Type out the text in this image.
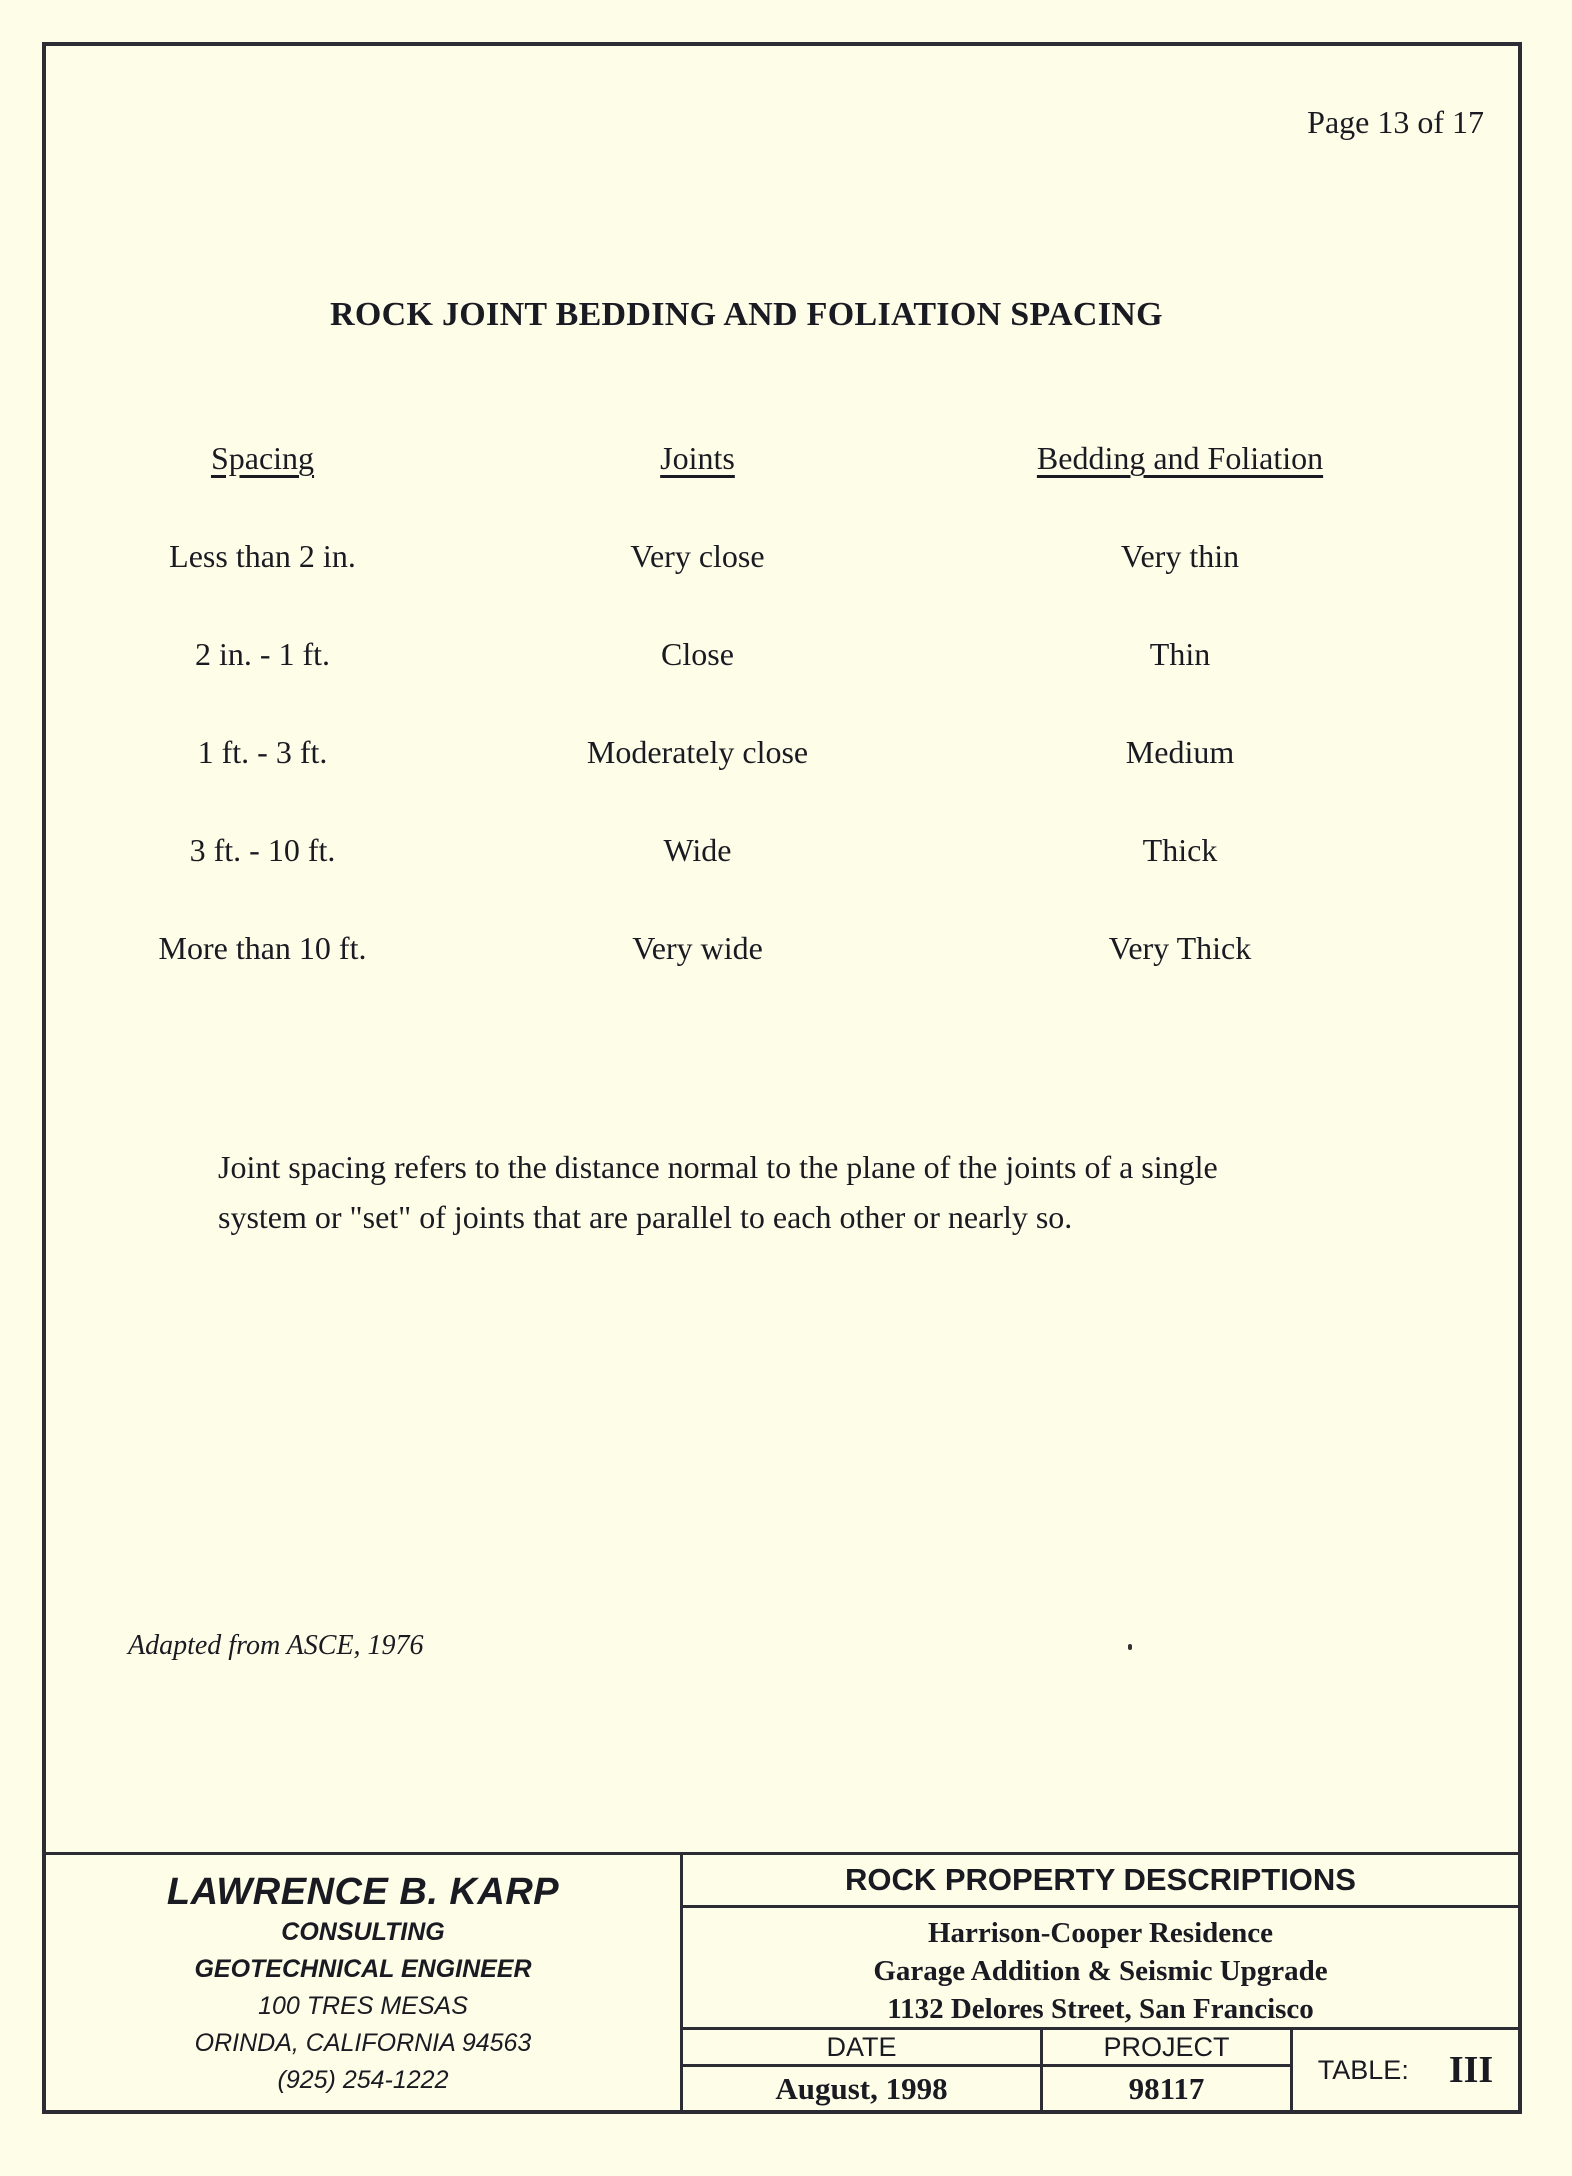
Page 13 of 17
ROCK JOINT BEDDING AND FOLIATION SPACING
Spacing	Joints	Bedding and Foliation
Less than 2 in.	Very close	Very thin
2 in. - 1 ft.	Close	Thin
1 ft. - 3 ft.	Moderately close	Medium
3 ft. - 10 ft.	Wide	Thick
More than 10 ft.	Very wide	Very Thick
Joint spacing refers to the distance normal to the plane of the joints of a single
system or "set" of joints that are parallel to each other or nearly so.
Adapted from ASCE, 1976
LAWRENCE B. KARP
CONSULTING
GEOTECHNICAL ENGINEER
100 TRES MESAS
ORINDA, CALIFORNIA 94563
(925) 254-1222
ROCK PROPERTY DESCRIPTIONS
Harrison-Cooper Residence
Garage Addition & Seismic Upgrade
1132 Delores Street, San Francisco
DATE
August, 1998
PROJECT
98117
TABLE: III
